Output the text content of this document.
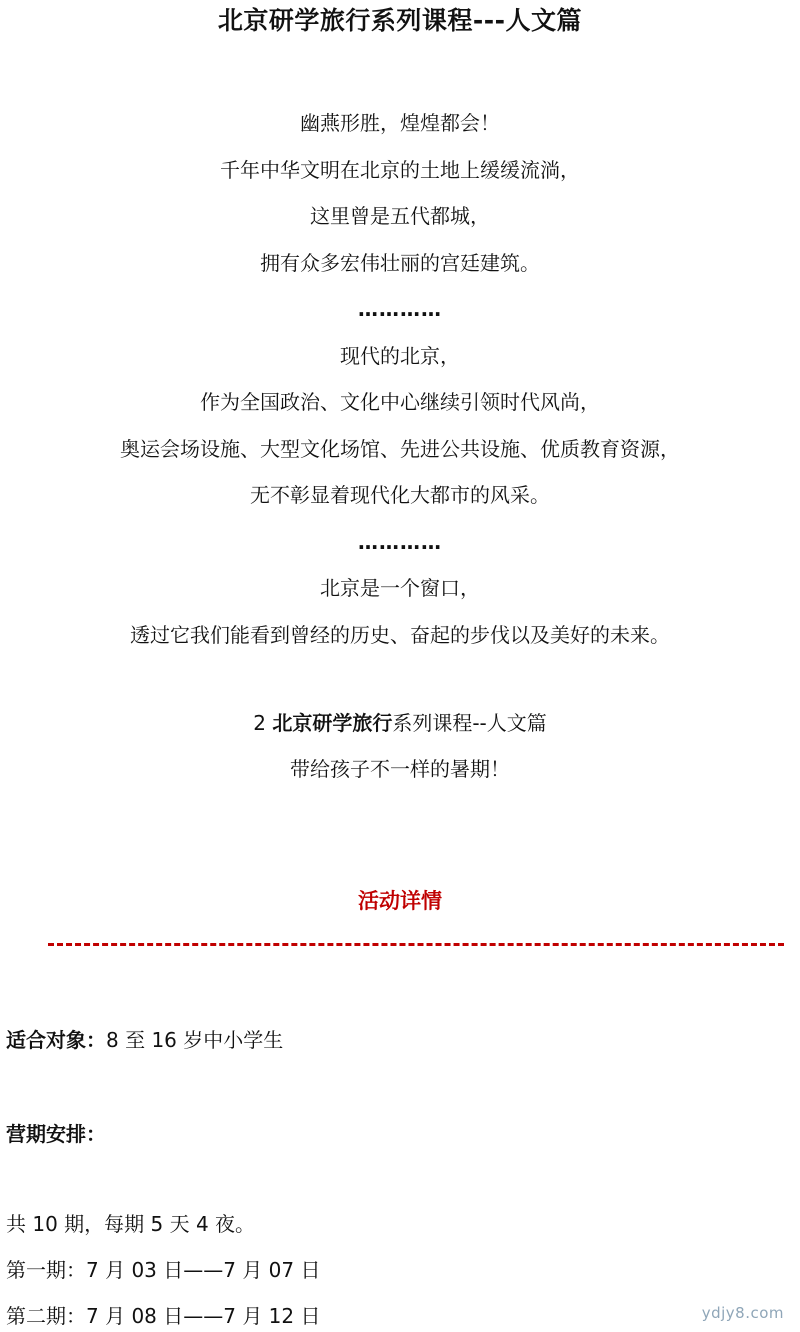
北京研学旅行系列课程---人文篇
幽燕形胜，煌煌都会！
千年中华文明在北京的土地上缓缓流淌，
这里曾是五代都城，
拥有众多宏伟壮丽的宫廷建筑。
…………
现代的北京，
作为全国政治、文化中心继续引领时代风尚，
奥运会场设施、大型文化场馆、先进公共设施、优质教育资源，
无不彰显着现代化大都市的风采。
…………
北京是一个窗口，
透过它我们能看到曾经的历史、奋起的步伐以及美好的未来。
2 北京研学旅行系列课程--人文篇
带给孩子不一样的暑期！
活动详情
适合对象：8 至 16 岁中小学生
营期安排：
共 10 期，每期 5 天 4 夜。
第一期：7 月 03 日——7 月 07 日
第二期：7 月 08 日——7 月 12 日	ydjy8.com
